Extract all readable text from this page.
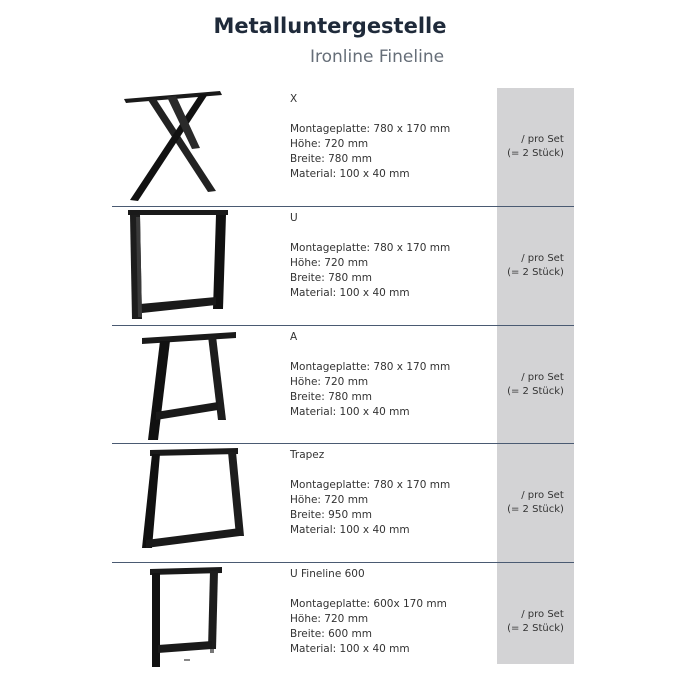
Metalluntergestelle
Ironline Fineline
X
Montageplatte: 780 x 170 mm
Höhe: 720 mm
Breite: 780 mm
Material: 100 x 40 mm
/ pro Set
(= 2 Stück)
U
Montageplatte: 780 x 170 mm
Höhe: 720 mm
Breite: 780 mm
Material: 100 x 40 mm
/ pro Set
(= 2 Stück)
A
Montageplatte: 780 x 170 mm
Höhe: 720 mm
Breite: 780 mm
Material: 100 x 40 mm
/ pro Set
(= 2 Stück)
Trapez
Montageplatte: 780 x 170 mm
Höhe: 720 mm
Breite: 950 mm
Material: 100 x 40 mm
/ pro Set
(= 2 Stück)
U Fineline 600
Montageplatte: 600x 170 mm
Höhe: 720 mm
Breite: 600 mm
Material: 100 x 40 mm
/ pro Set
(= 2 Stück)
